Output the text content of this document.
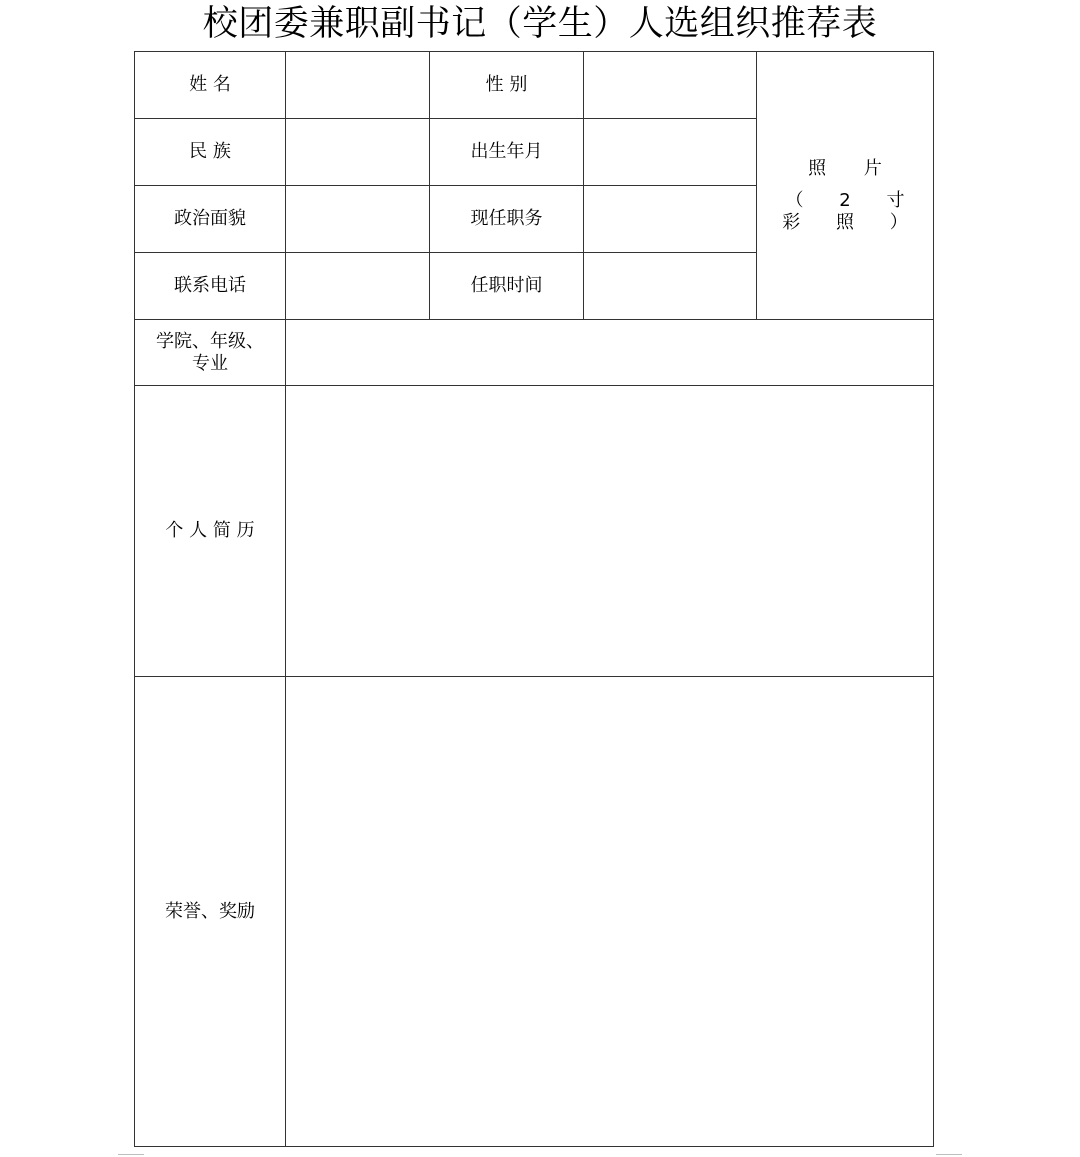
校团委兼职副书记（学生）人选组织推荐表
姓 名		性 别		照 片
（ 2 寸 彩 照 ）

民 族		出生年月		
政治面貌		现任职务		
联系电话		任职时间		

学院、年级、
专业				

个 人 简 历				
荣誉、奖励				
